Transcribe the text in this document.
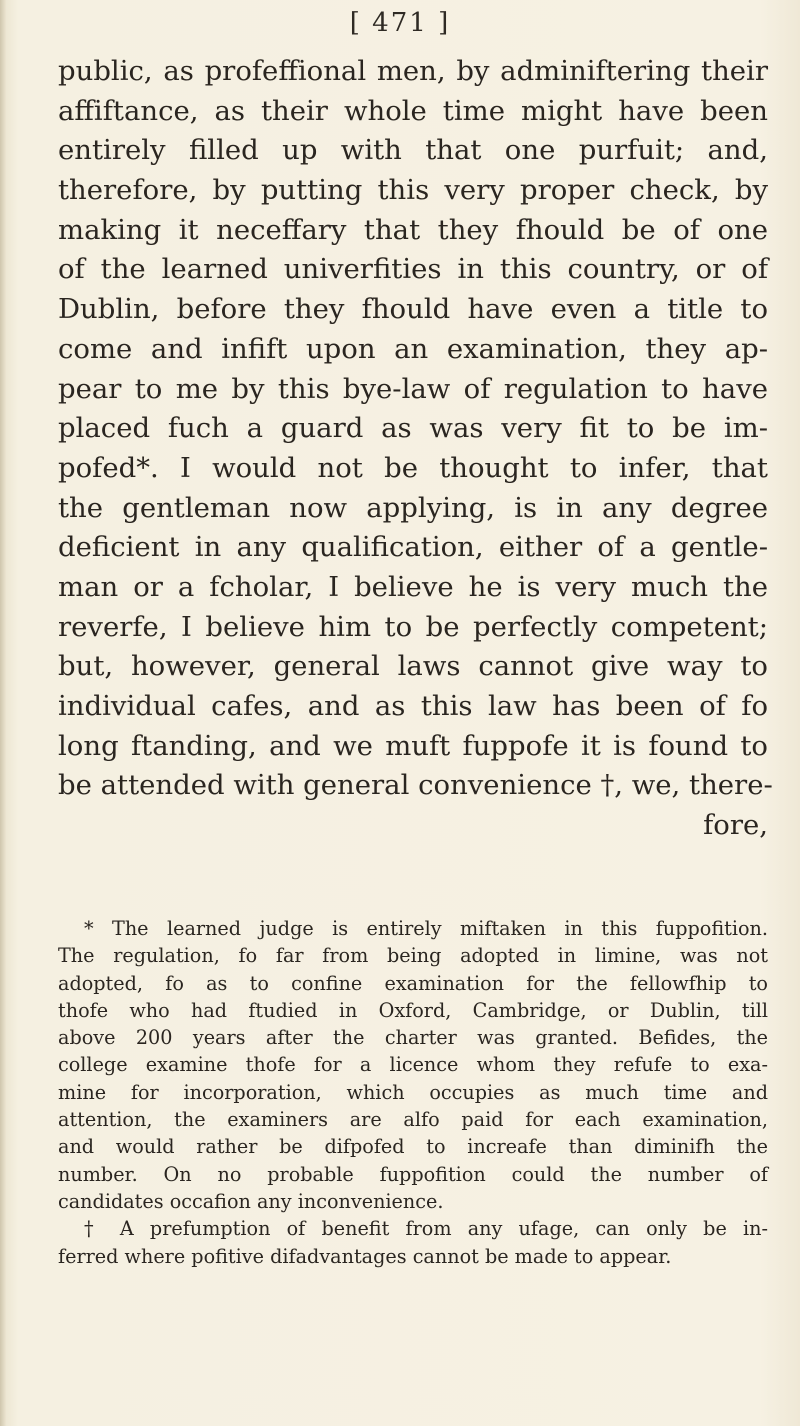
[ 471 ]
public, as profeffional men, by adminiftering their
affiftance, as their whole time might have been
entirely filled up with that one purfuit; and,
therefore, by putting this very proper check, by
making it neceffary that they fhould be of one
of the learned univerfities in this country, or of
Dublin, before they fhould have even a title to
come and infift upon an examination, they ap-
pear to me by this bye-law of regulation to have
placed fuch a guard as was very fit to be im-
pofed*. I would not be thought to infer, that
the gentleman now applying, is in any degree
deficient in any qualification, either of a gentle-
man or a fcholar, I believe he is very much the
reverfe, I believe him to be perfectly competent;
but, however, general laws cannot give way to
individual cafes, and as this law has been of fo
long ftanding, and we muft fuppofe it is found to
be attended with general convenience †, we, there-
fore,
* The learned judge is entirely miftaken in this fuppofition.
The regulation, fo far from being adopted in limine, was not
adopted, fo as to confine examination for the fellowfhip to
thofe who had ftudied in Oxford, Cambridge, or Dublin, till
above 200 years after the charter was granted. Befides, the
college examine thofe for a licence whom they refufe to exa-
mine for incorporation, which occupies as much time and
attention, the examiners are alfo paid for each examination,
and would rather be difpofed to increafe than diminifh the
number. On no probable fuppofition could the number of
candidates occafion any inconvenience.
† A prefumption of benefit from any ufage, can only be in-
ferred where pofitive difadvantages cannot be made to appear.
